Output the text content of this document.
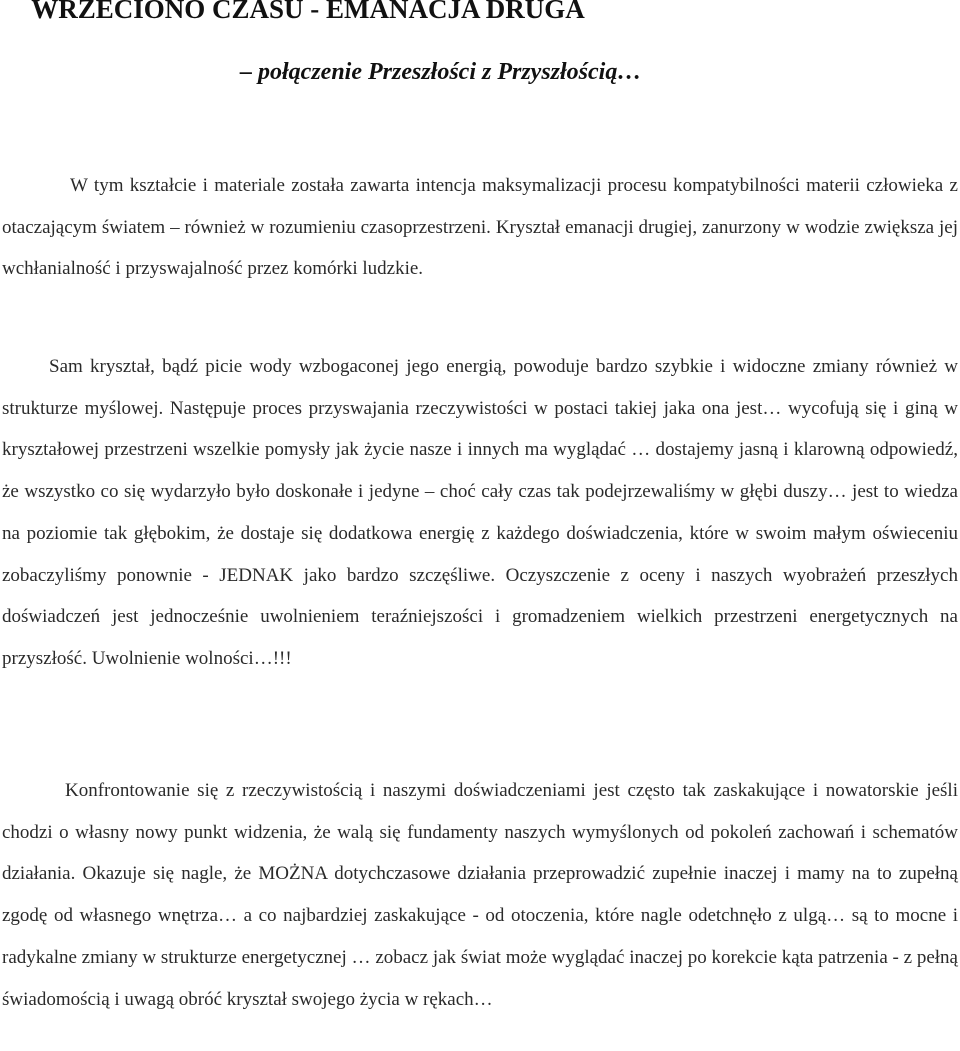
WRZECIONO CZASU - EMANACJA DRUGA
– połączenie Przeszłości z Przyszłością…

W tym kształcie i materiale została zawarta intencja maksymalizacji procesu kompatybilności materii człowieka z otaczającym światem – również w rozumieniu czasoprzestrzeni. Kryształ emanacji drugiej, zanurzony w wodzie zwiększa jej wchłanialność i przyswajalność przez komórki ludzkie.

Sam kryształ, bądź picie wody wzbogaconej jego energią, powoduje bardzo szybkie i widoczne zmiany również w strukturze myślowej. Następuje proces przyswajania rzeczywistości w postaci takiej jaka ona jest… wycofują się i giną w kryształowej przestrzeni wszelkie pomysły jak życie nasze i innych ma wyglądać … dostajemy jasną i klarowną odpowiedź, że wszystko co się wydarzyło było doskonałe i jedyne – choć cały czas tak podejrzewaliśmy w głębi duszy… jest to wiedza na poziomie tak głębokim, że dostaje się dodatkowa energię z każdego doświadczenia, które w swoim małym oświeceniu zobaczyliśmy ponownie - JEDNAK jako bardzo szczęśliwe. Oczyszczenie z oceny i naszych wyobrażeń przeszłych doświadczeń jest jednocześnie uwolnieniem teraźniejszości i gromadzeniem wielkich przestrzeni energetycznych na przyszłość. Uwolnienie wolności…!!!

Konfrontowanie się z rzeczywistością i naszymi doświadczeniami jest często tak zaskakujące i nowatorskie jeśli chodzi o własny nowy punkt widzenia, że walą się fundamenty naszych wymyślonych od pokoleń zachowań i schematów działania. Okazuje się nagle, że MOŻNA dotychczasowe działania przeprowadzić zupełnie inaczej i mamy na to zupełną zgodę od własnego wnętrza… a co najbardziej zaskakujące - od otoczenia, które nagle odetchnęło z ulgą… są to mocne i radykalne zmiany w strukturze energetycznej … zobacz jak świat może wyglądać inaczej po korekcie kąta patrzenia - z pełną świadomością i uwagą obróć kryształ swojego życia w rękach…
